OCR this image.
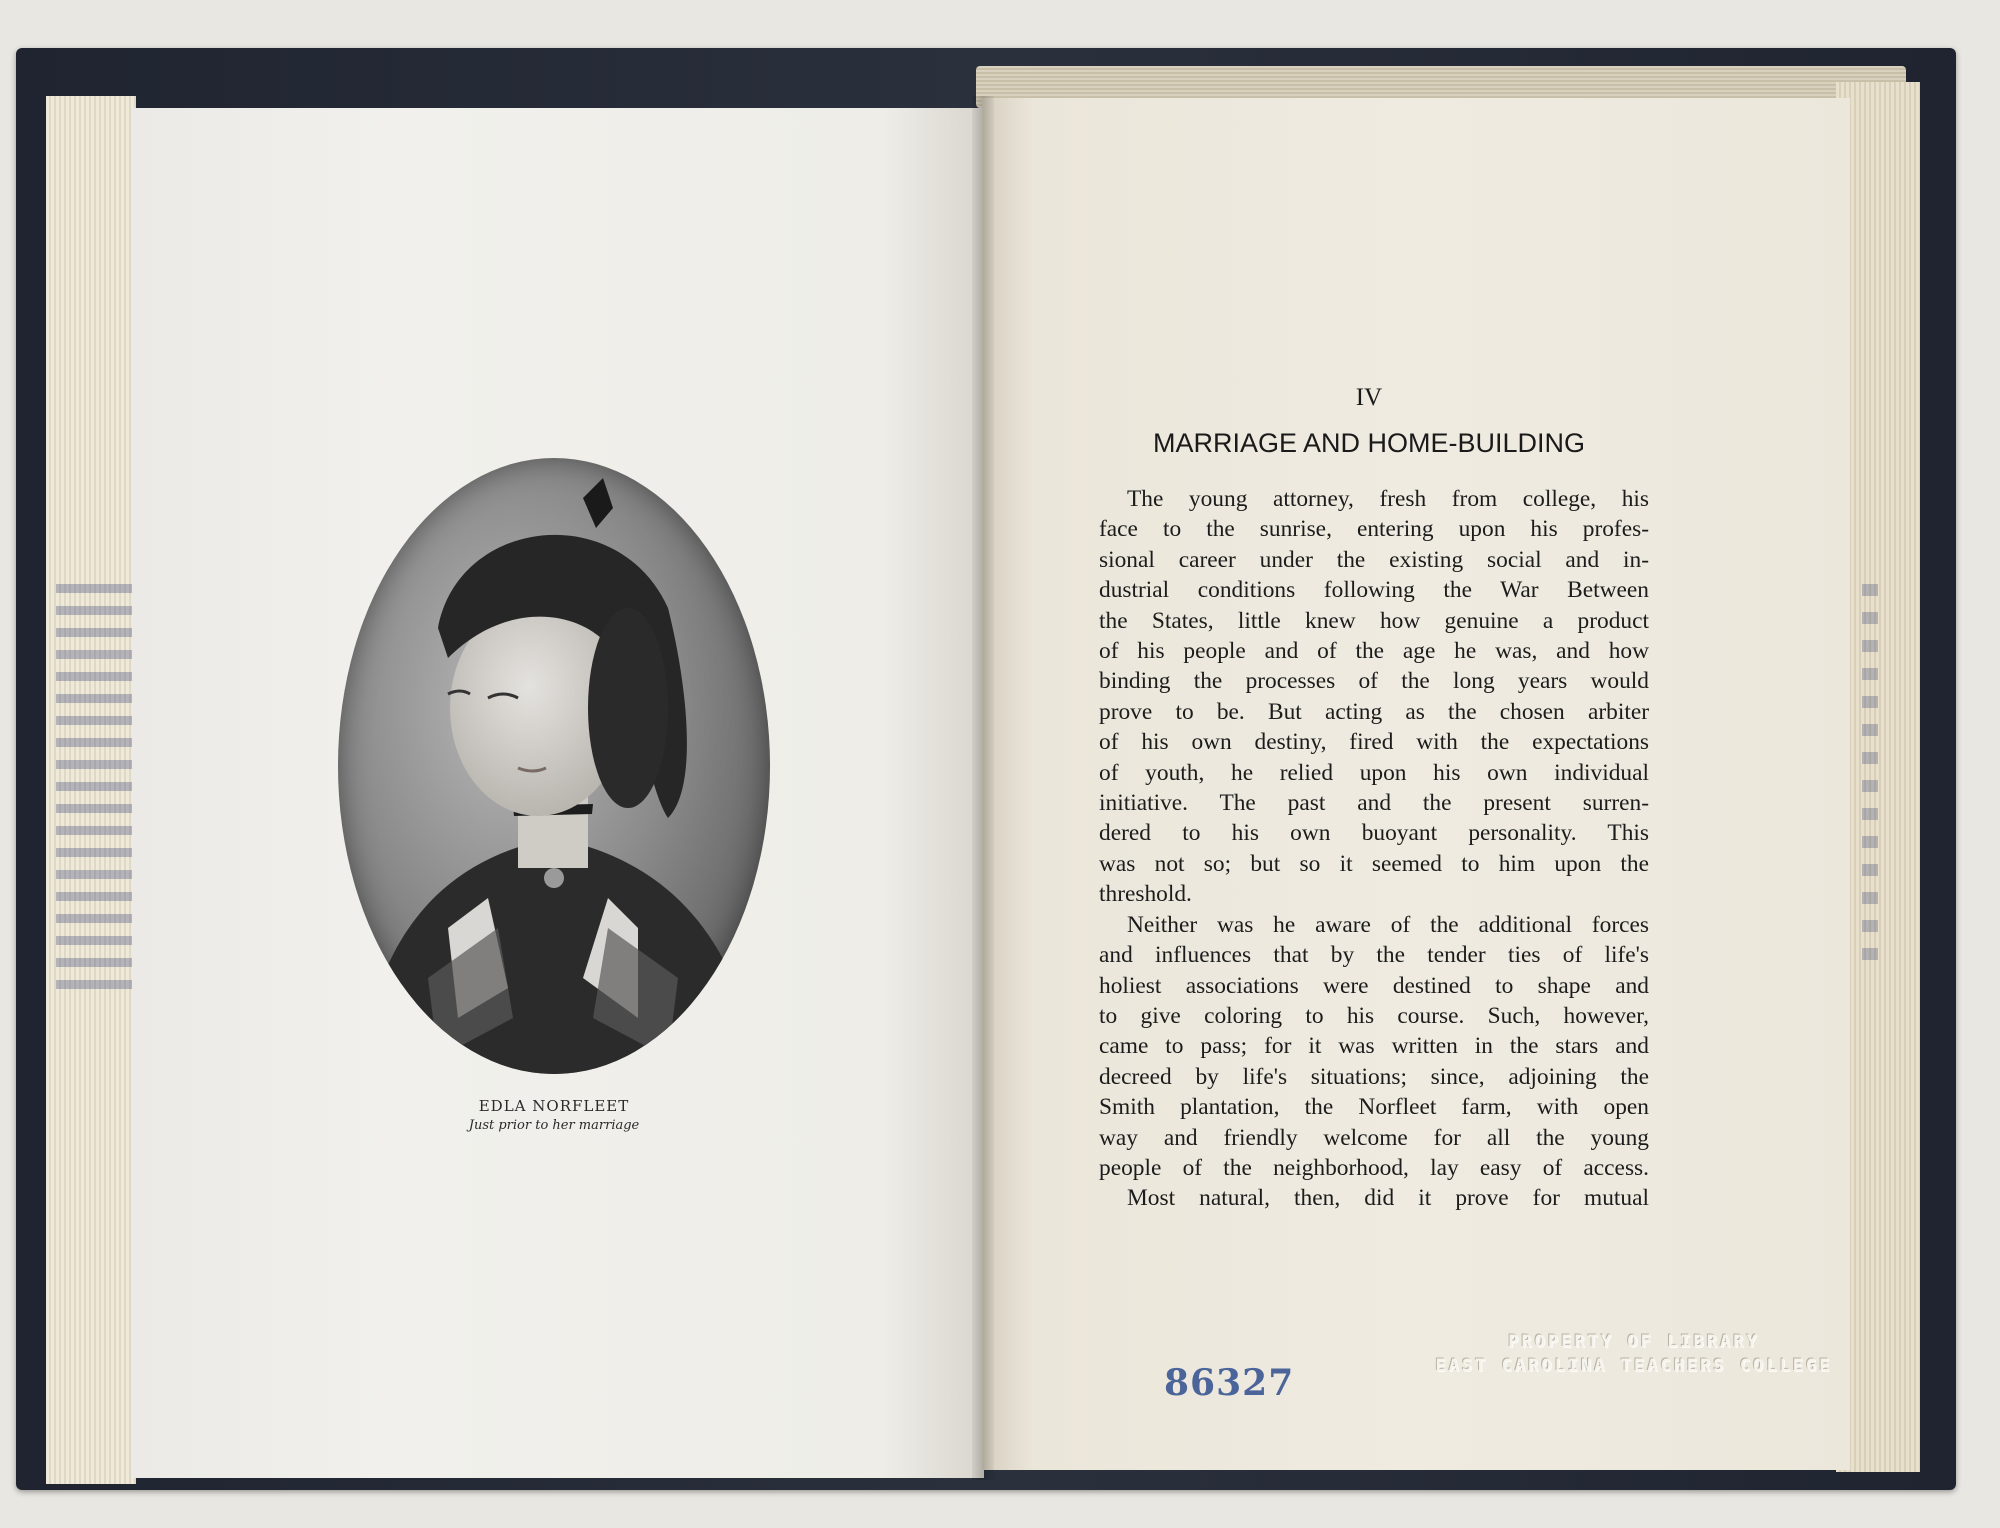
EDLA NORFLEET
Just prior to her marriage
IV
MARRIAGE AND HOME-BUILDING
The young attorney, fresh from college, his
face to the sunrise, entering upon his profes-
sional career under the existing social and in-
dustrial conditions following the War Between
the States, little knew how genuine a product
of his people and of the age he was, and how
binding the processes of the long years would
prove to be. But acting as the chosen arbiter
of his own destiny, fired with the expectations
of youth, he relied upon his own individual
initiative. The past and the present surren-
dered to his own buoyant personality. This
was not so; but so it seemed to him upon the
threshold.
Neither was he aware of the additional forces
and influences that by the tender ties of life's
holiest associations were destined to shape and
to give coloring to his course. Such, however,
came to pass; for it was written in the stars and
decreed by life's situations; since, adjoining the
Smith plantation, the Norfleet farm, with open
way and friendly welcome for all the young
people of the neighborhood, lay easy of access.
Most natural, then, did it prove for mutual
86327
PROPERTY OF LIBRARY
EAST CAROLINA TEACHERS COLLEGE
